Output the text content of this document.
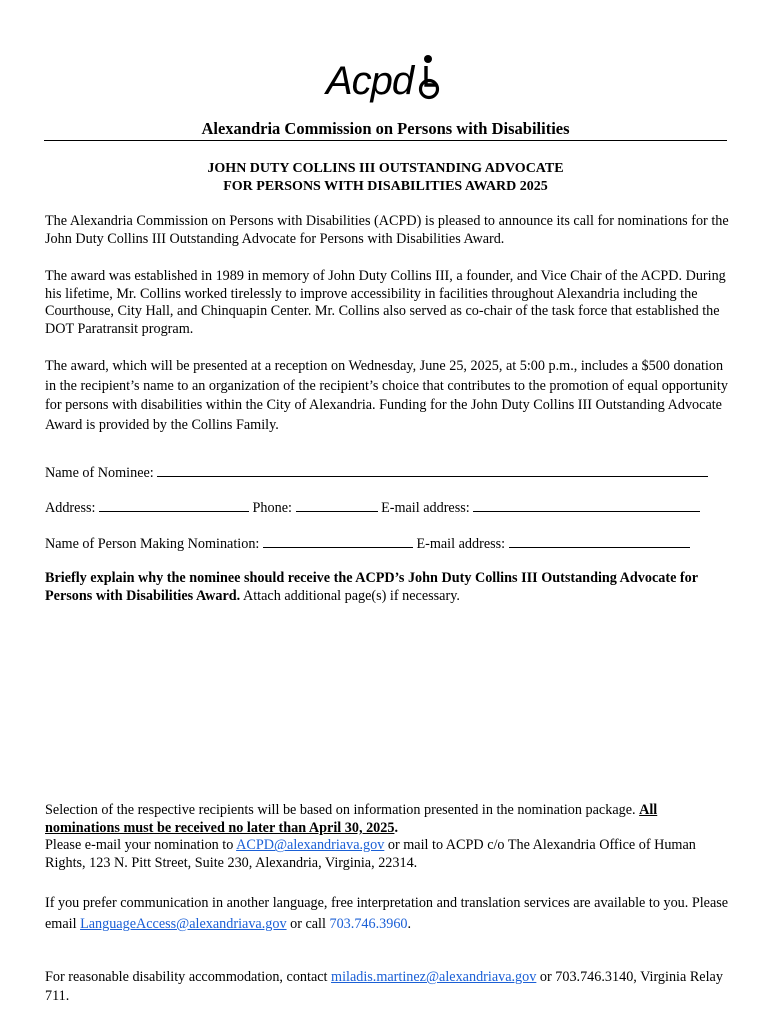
Acpd
Alexandria Commission on Persons with Disabilities
JOHN DUTY COLLINS III OUTSTANDING ADVOCATE
FOR PERSONS WITH DISABILITIES AWARD 2025

The Alexandria Commission on Persons with Disabilities (ACPD) is pleased to announce its call for nominations for the John Duty Collins III Outstanding Advocate for Persons with Disabilities Award.

The award was established in 1989 in memory of John Duty Collins III, a founder, and Vice Chair of the ACPD. During his lifetime, Mr. Collins worked tirelessly to improve accessibility in facilities throughout Alexandria including the Courthouse, City Hall, and Chinquapin Center. Mr. Collins also served as co-chair of the task force that established the DOT Paratransit program.

The award, which will be presented at a reception on Wednesday, June 25, 2025, at 5:00 p.m., includes a $500 donation in the recipient’s name to an organization of the recipient’s choice that contributes to the promotion of equal opportunity for persons with disabilities within the City of Alexandria. Funding for the John Duty Collins III Outstanding Advocate Award is provided by the Collins Family.

Name of Nominee:
Address:	Phone:	E-mail address:
Name of Person Making Nomination:	E-mail address:

Briefly explain why the nominee should receive the ACPD’s John Duty Collins III Outstanding Advocate for Persons with Disabilities Award. Attach additional page(s) if necessary.

Selection of the respective recipients will be based on information presented in the nomination package. All nominations must be received no later than April 30, 2025.
Please e-mail your nomination to ACPD@alexandriava.gov or mail to ACPD c/o The Alexandria Office of Human Rights, 123 N. Pitt Street, Suite 230, Alexandria, Virginia, 22314.

If you prefer communication in another language, free interpretation and translation services are available to you. Please email LanguageAccess@alexandriava.gov or call 703.746.3960.

For reasonable disability accommodation, contact miladis.martinez@alexandriava.gov or 703.746.3140, Virginia Relay 711.
